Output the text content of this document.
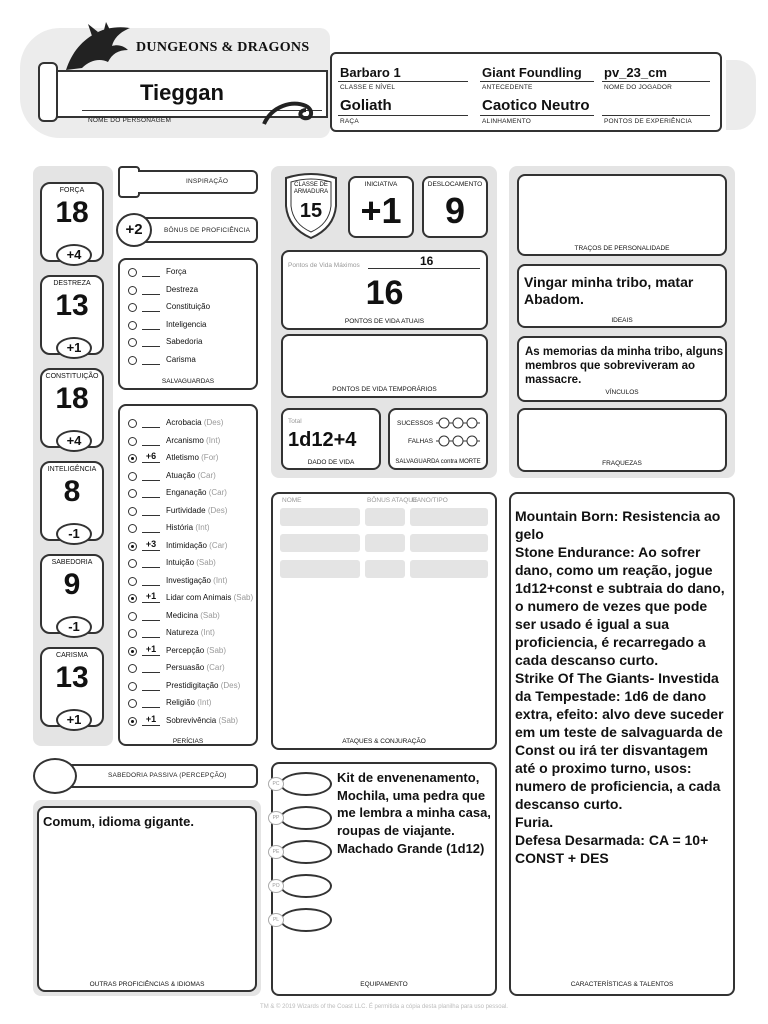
DUNGEONS & DRAGONS
Tieggan
NOME DO PERSONAGEM
Barbaro 1
CLASSE E NÍVEL
Giant Foundling
ANTECEDENTE
pv_23_cm
NOME DO JOGADOR
Goliath
RAÇA
Caotico Neutro
ALINHAMENTO	PONTOS DE EXPERIÊNCIA
FORÇA
18
+4
DESTREZA
13
+1
CONSTITUIÇÃO
18
+4
INTELIGÊNCIA
8
-1
SABEDORIA
9
-1
CARISMA
13
+1
INSPIRAÇÃO
+2	BÔNUS DE PROFICIÊNCIA
Força
Destreza
Constituição
Inteligencia
Sabedoria
Carisma
SALVAGUARDAS
Acrobacia (Des)
Arcanismo (Int)
+6	Atletismo (For)
Atuação (Car)
Enganação (Car)
Furtividade (Des)
História (Int)
+3	Intimidação (Car)
Intuição (Sab)
Investigação (Int)
+1	Lidar com Animais (Sab)
Medicina (Sab)
Natureza (Int)
+1	Percepção (Sab)
Persuasão (Car)
Prestidigitação (Des)
Religião (Int)
+1	Sobrevivência (Sab)
PERÍCIAS
SABEDORIA PASSIVA (PERCEPÇÃO)
Comum, idioma gigante.
OUTRAS PROFICIÊNCIAS & IDIOMAS
CLASSE DE ARMADURA
15
INICIATIVA
+1
DESLOCAMENTO
9
Pontos de Vida Máximos	16
16
PONTOS DE VIDA ATUAIS
PONTOS DE VIDA TEMPORÁRIOS
Total
1d12+4
DADO DE VIDA
SUCESSOS
FALHAS
SALVAGUARDA contra MORTE
NOME	BÔNUS ATAQUE
DANO/TIPO
ATAQUES & CONJURAÇÃO
PC
PP
PE
PO
PL
Kit de envenenamento, Mochila, uma pedra que me lembra a minha casa, roupas de viajante. Machado Grande (1d12)
EQUIPAMENTO
TRAÇOS DE PERSONALIDADE
Vingar minha tribo, matar Abadom.
IDEAIS
As memorias da minha tribo, alguns membros que sobreviveram ao massacre.
VÍNCULOS
FRAQUEZAS
Mountain Born: Resistencia ao gelo
Stone Endurance: Ao sofrer dano, como um reação, jogue 1d12+const e subtraia do dano, o numero de vezes que pode ser usado é igual a sua proficiencia, é recarregado a cada descanso curto.
Strike Of The Giants- Investida da Tempestade: 1d6 de dano extra, efeito: alvo deve suceder em um teste de salvaguarda de Const ou irá ter disvantagem até o proximo turno, usos: numero de proficiencia, a cada descanso curto.
Furia.
Defesa Desarmada: CA = 10+ CONST + DES
CARACTERÍSTICAS & TALENTOS
TM & © 2019 Wizards of the Coast LLC. É permitida a cópia desta planilha para uso pessoal.
